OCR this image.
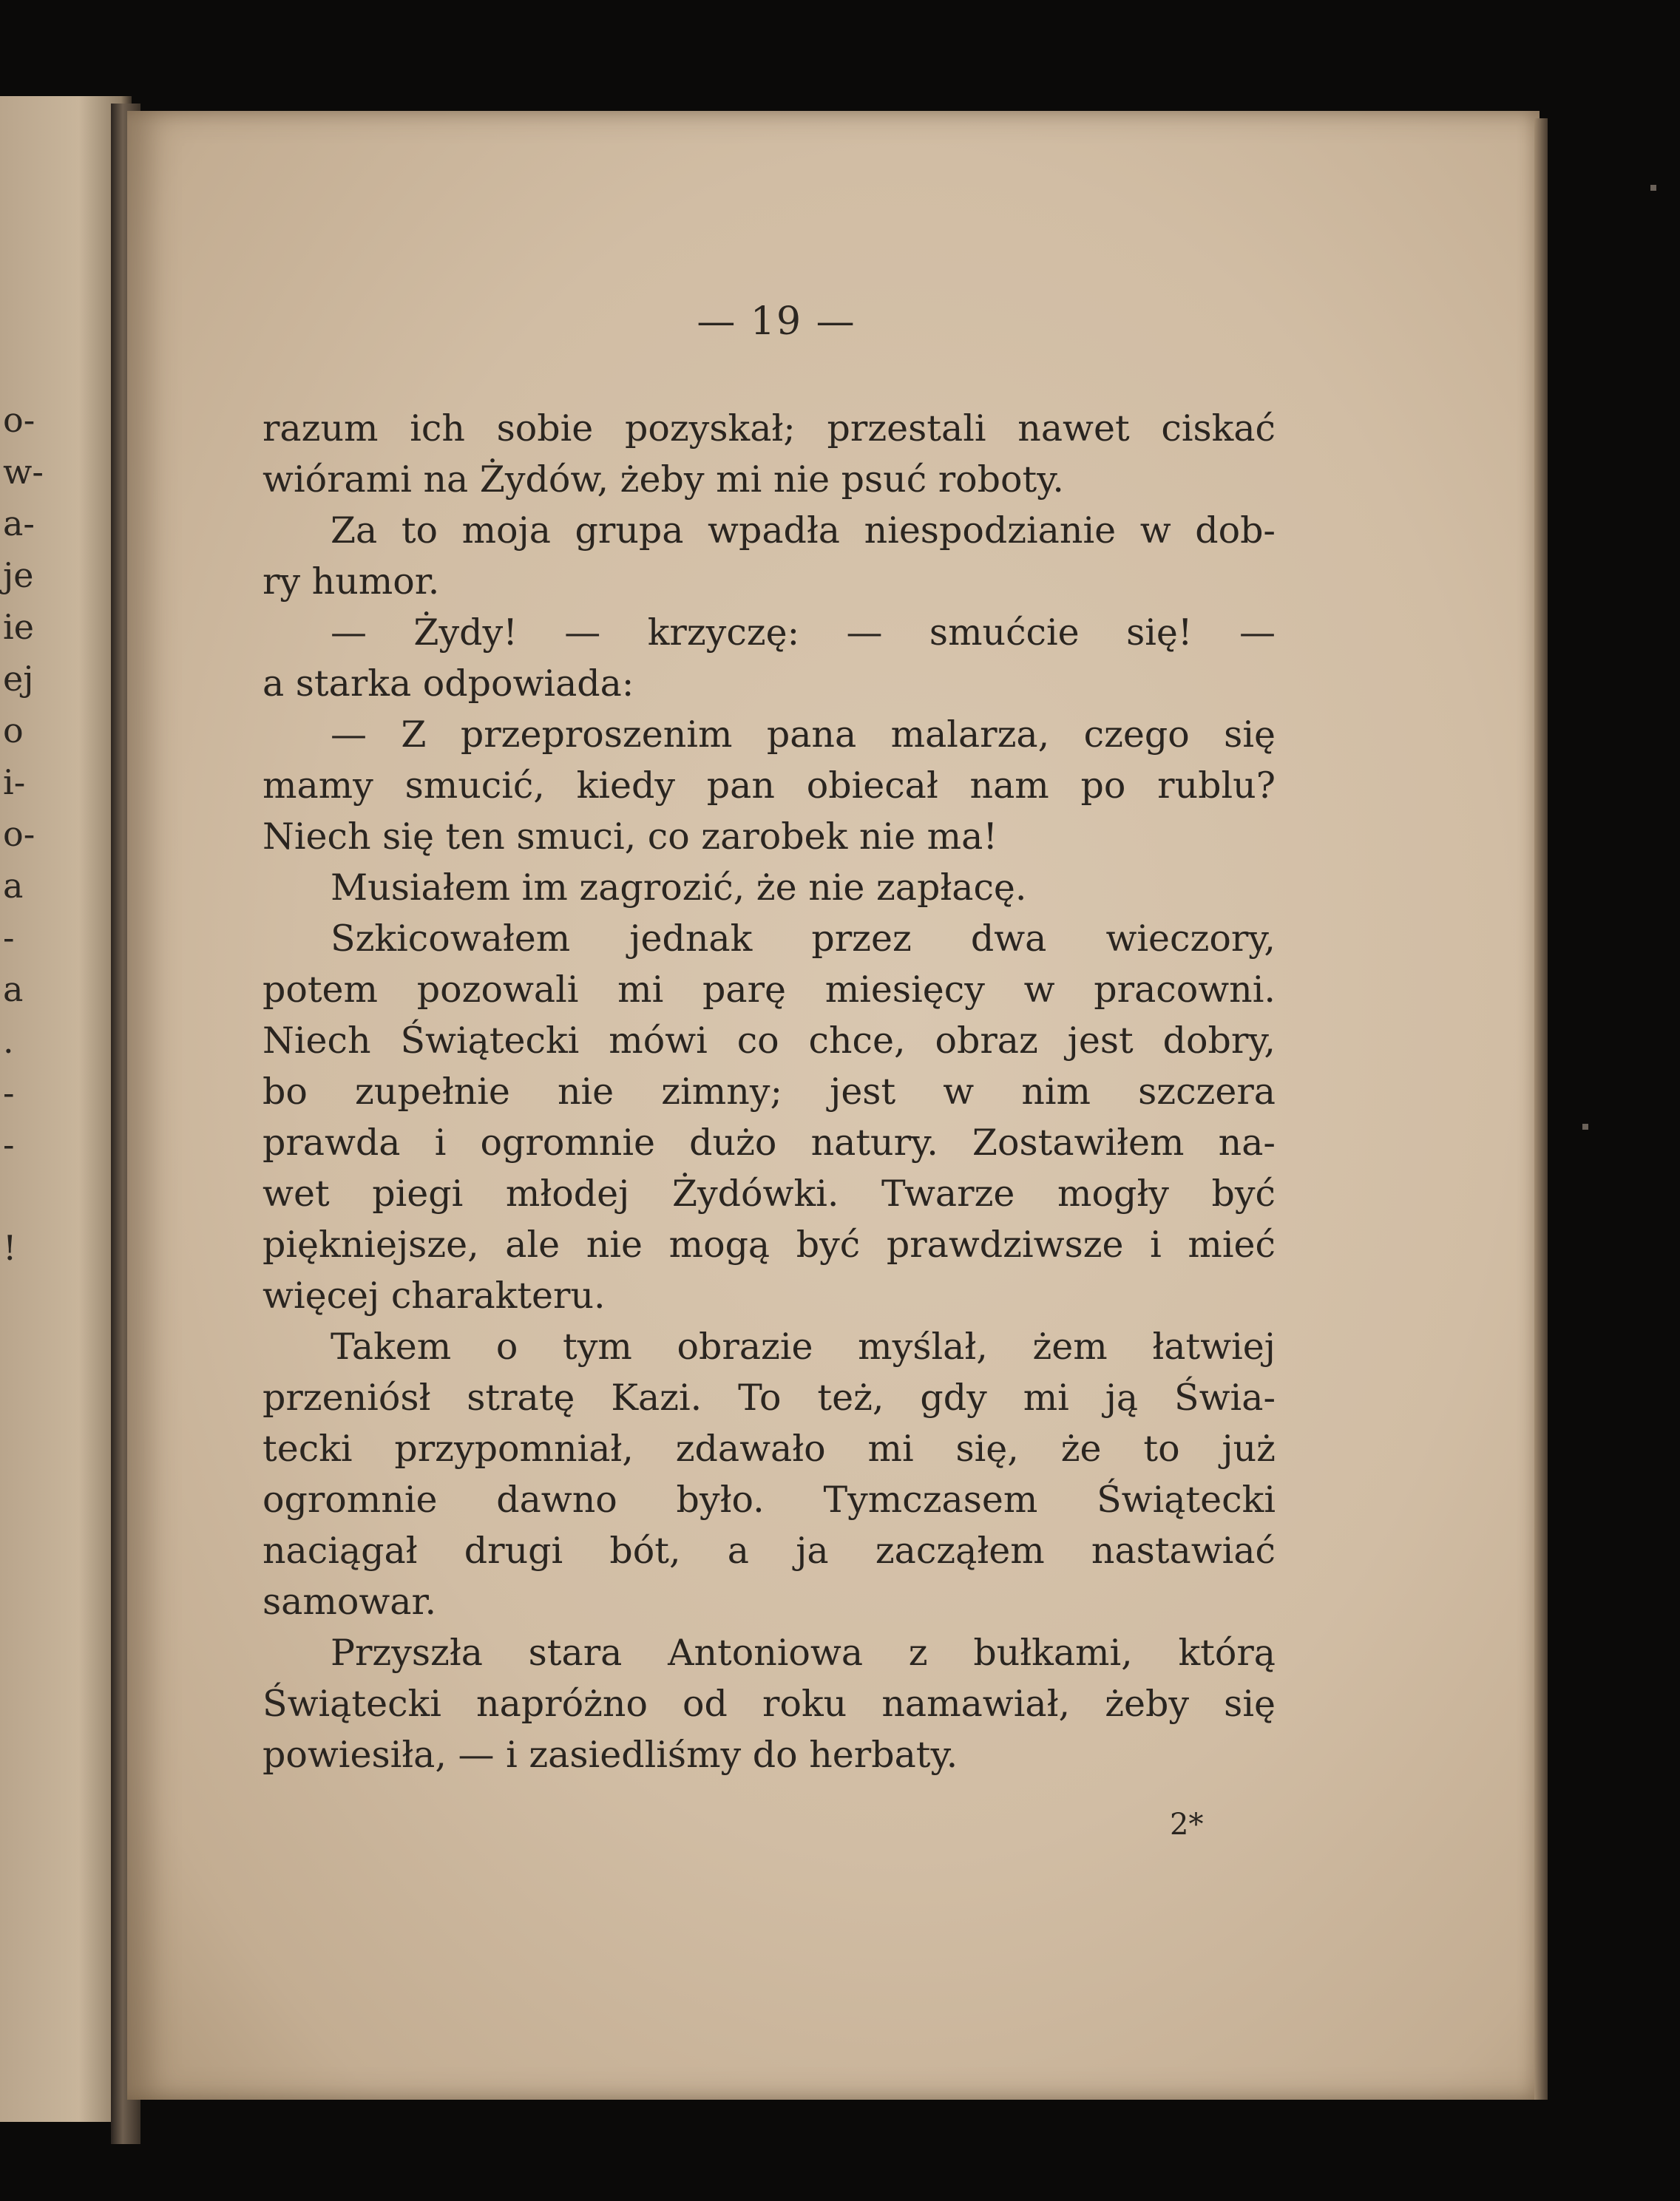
o-
w-
a-
je
ie
ej
o
i-
o-
a
-
a
.
-
-
!
— 19 —
razum ich sobie pozyskał; przestali nawet ciskać
wiórami na Żydów, żeby mi nie psuć roboty.
Za to moja grupa wpadła niespodzianie w dob-
ry humor.
— Żydy! — krzyczę: — smućcie się! —
a starka odpowiada:
— Z przeproszenim pana malarza, czego się
mamy smucić, kiedy pan obiecał nam po rublu?
Niech się ten smuci, co zarobek nie ma!
Musiałem im zagrozić, że nie zapłacę.
Szkicowałem jednak przez dwa wieczory,
potem pozowali mi parę miesięcy w pracowni.
Niech Świątecki mówi co chce, obraz jest dobry,
bo zupełnie nie zimny; jest w nim szczera
prawda i ogromnie dużo natury. Zostawiłem na-
wet piegi młodej Żydówki. Twarze mogły być
piękniejsze, ale nie mogą być prawdziwsze i mieć
więcej charakteru.
Takem o tym obrazie myślał, żem łatwiej
przeniósł stratę Kazi. To też, gdy mi ją Świa-
tecki przypomniał, zdawało mi się, że to już
ogromnie dawno było. Tymczasem Świątecki
naciągał drugi bót, a ja zacząłem nastawiać
samowar.
Przyszła stara Antoniowa z bułkami, którą
Świątecki napróżno od roku namawiał, żeby się
powiesiła, — i zasiedliśmy do herbaty.
2*
